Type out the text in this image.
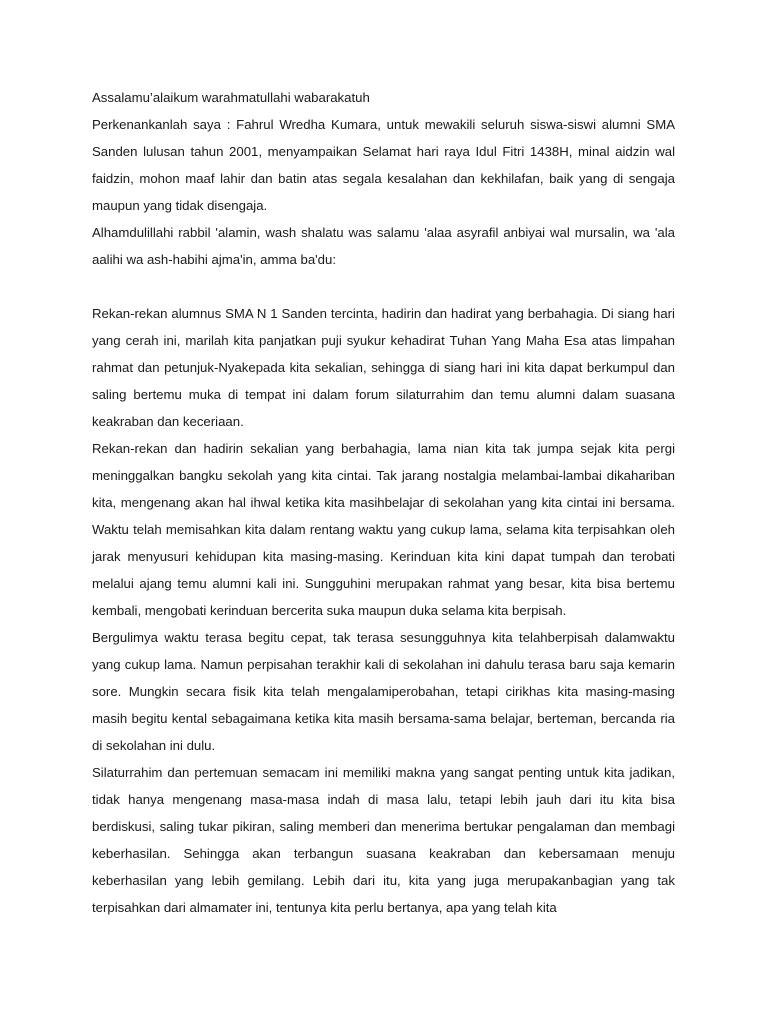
Assalamu’alaikum warahmatullahi wabarakatuh

Perkenankanlah saya : Fahrul Wredha Kumara, untuk mewakili seluruh siswa-siswi alumni SMA Sanden lulusan tahun 2001, menyampaikan Selamat hari raya Idul Fitri 1438H, minal aidzin wal faidzin, mohon maaf lahir dan batin atas segala kesalahan dan kekhilafan, baik yang di sengaja maupun yang tidak disengaja.

Alhamdulillahi rabbil 'alamin, wash shalatu was salamu 'alaa asyrafil anbiyai wal mursalin, wa 'ala aalihi wa ash-habihi ajma'in, amma ba'du:

Rekan-rekan alumnus SMA N 1 Sanden tercinta, hadirin dan hadirat yang berbahagia. Di siang hari yang cerah ini, marilah kita panjatkan puji syukur kehadirat Tuhan Yang Maha Esa atas limpahan rahmat dan petunjuk-Nyakepada kita sekalian, sehingga di siang hari ini kita dapat berkumpul dan saling bertemu muka di tempat ini dalam forum silaturrahim dan temu alumni dalam suasana keakraban dan keceriaan.

Rekan-rekan dan hadirin sekalian yang berbahagia, lama nian kita tak jumpa sejak kita pergi meninggalkan bangku sekolah yang kita cintai. Tak jarang nostalgia melambai-lambai dikahariban kita, mengenang akan hal ihwal ketika kita masihbelajar di sekolahan yang kita cintai ini bersama. Waktu telah memisahkan kita dalam rentang waktu yang cukup lama, selama kita terpisahkan oleh jarak menyusuri kehidupan kita masing-masing. Kerinduan kita kini dapat tumpah dan terobati melalui ajang temu alumni kali ini. Sungguhini merupakan rahmat yang besar, kita bisa bertemu kembali, mengobati kerinduan bercerita suka maupun duka selama kita berpisah.

Bergulimya waktu terasa begitu cepat, tak terasa sesungguhnya kita telahberpisah dalamwaktu yang cukup lama. Namun perpisahan terakhir kali di sekolahan ini dahulu terasa baru saja kemarin sore. Mungkin secara fisik kita telah mengalamiperobahan, tetapi cirikhas kita masing-masing masih begitu kental sebagaimana ketika kita masih bersama-sama belajar, berteman, bercanda ria di sekolahan ini dulu.

Silaturrahim dan pertemuan semacam ini memiliki makna yang sangat penting untuk kita jadikan, tidak hanya mengenang masa-masa indah di masa lalu, tetapi lebih jauh dari itu kita bisa berdiskusi, saling tukar pikiran, saling memberi dan menerima bertukar pengalaman dan membagi keberhasilan. Sehingga akan terbangun suasana keakraban dan kebersamaan menuju keberhasilan yang lebih gemilang. Lebih dari itu, kita yang juga merupakanbagian yang tak terpisahkan dari almamater ini, tentunya kita perlu bertanya, apa yang telah kita
